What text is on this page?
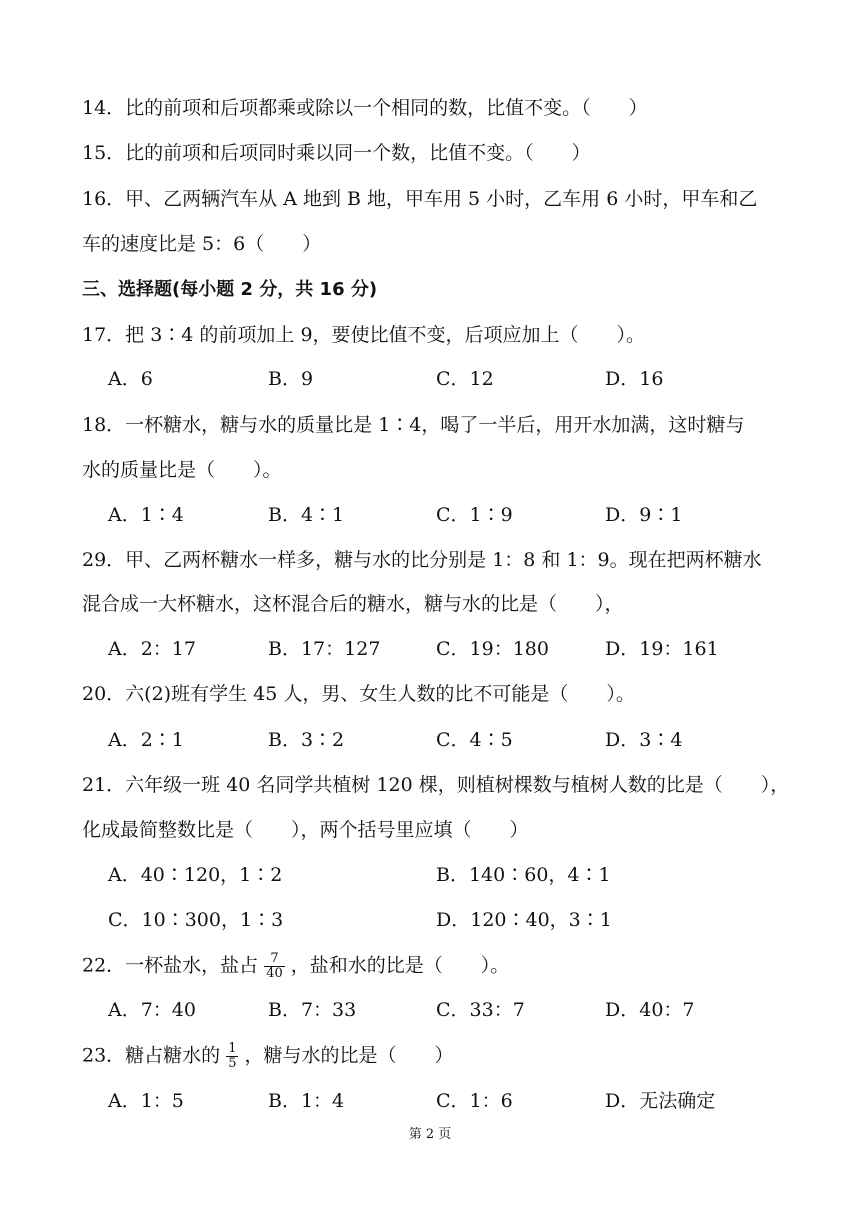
14．比的前项和后项都乘或除以一个相同的数，比值不变。（　　）
15．比的前项和后项同时乘以同一个数，比值不变。（　　）
16．甲、乙两辆汽车从 A 地到 B 地，甲车用 5 小时，乙车用 6 小时，甲车和乙
车的速度比是 5：6（　　）
三、选择题(每小题 2 分，共 16 分)
17．把 3∶4 的前项加上 9，要使比值不变，后项应加上（　　）。
A．6	B．9	C．12	D．16
18．一杯糖水，糖与水的质量比是 1∶4，喝了一半后，用开水加满，这时糖与
水的质量比是（　　）。
A．1∶4	B．4∶1	C．1∶9	D．9∶1
29．甲、乙两杯糖水一样多，糖与水的比分别是 1：8 和 1：9。现在把两杯糖水
混合成一大杯糖水，这杯混合后的糖水，糖与水的比是（　　），
A．2：17	B．17：127	C．19：180	D．19：161
20．六(2)班有学生 45 人，男、女生人数的比不可能是（　　）。
A．2∶1	B．3∶2	C．4∶5	D．3∶4
21．六年级一班 40 名同学共植树 120 棵，则植树棵数与植树人数的比是（　　），
化成最简整数比是（　　），两个括号里应填（　　）
A．40∶120，1∶2	B．140∶60，4∶1
C．10∶300，1∶3	D．120∶40，3∶1
22．一杯盐水，盐占 $\frac{7}{40}$ ，盐和水的比是（　　）。
A．7：40	B．7：33	C．33：7	D．40：7
23．糖占糖水的 $\frac{1}{5}$ ，糖与水的比是（　　）
A．1：5	B．1：4	C．1：6	D．无法确定
第 2 页
